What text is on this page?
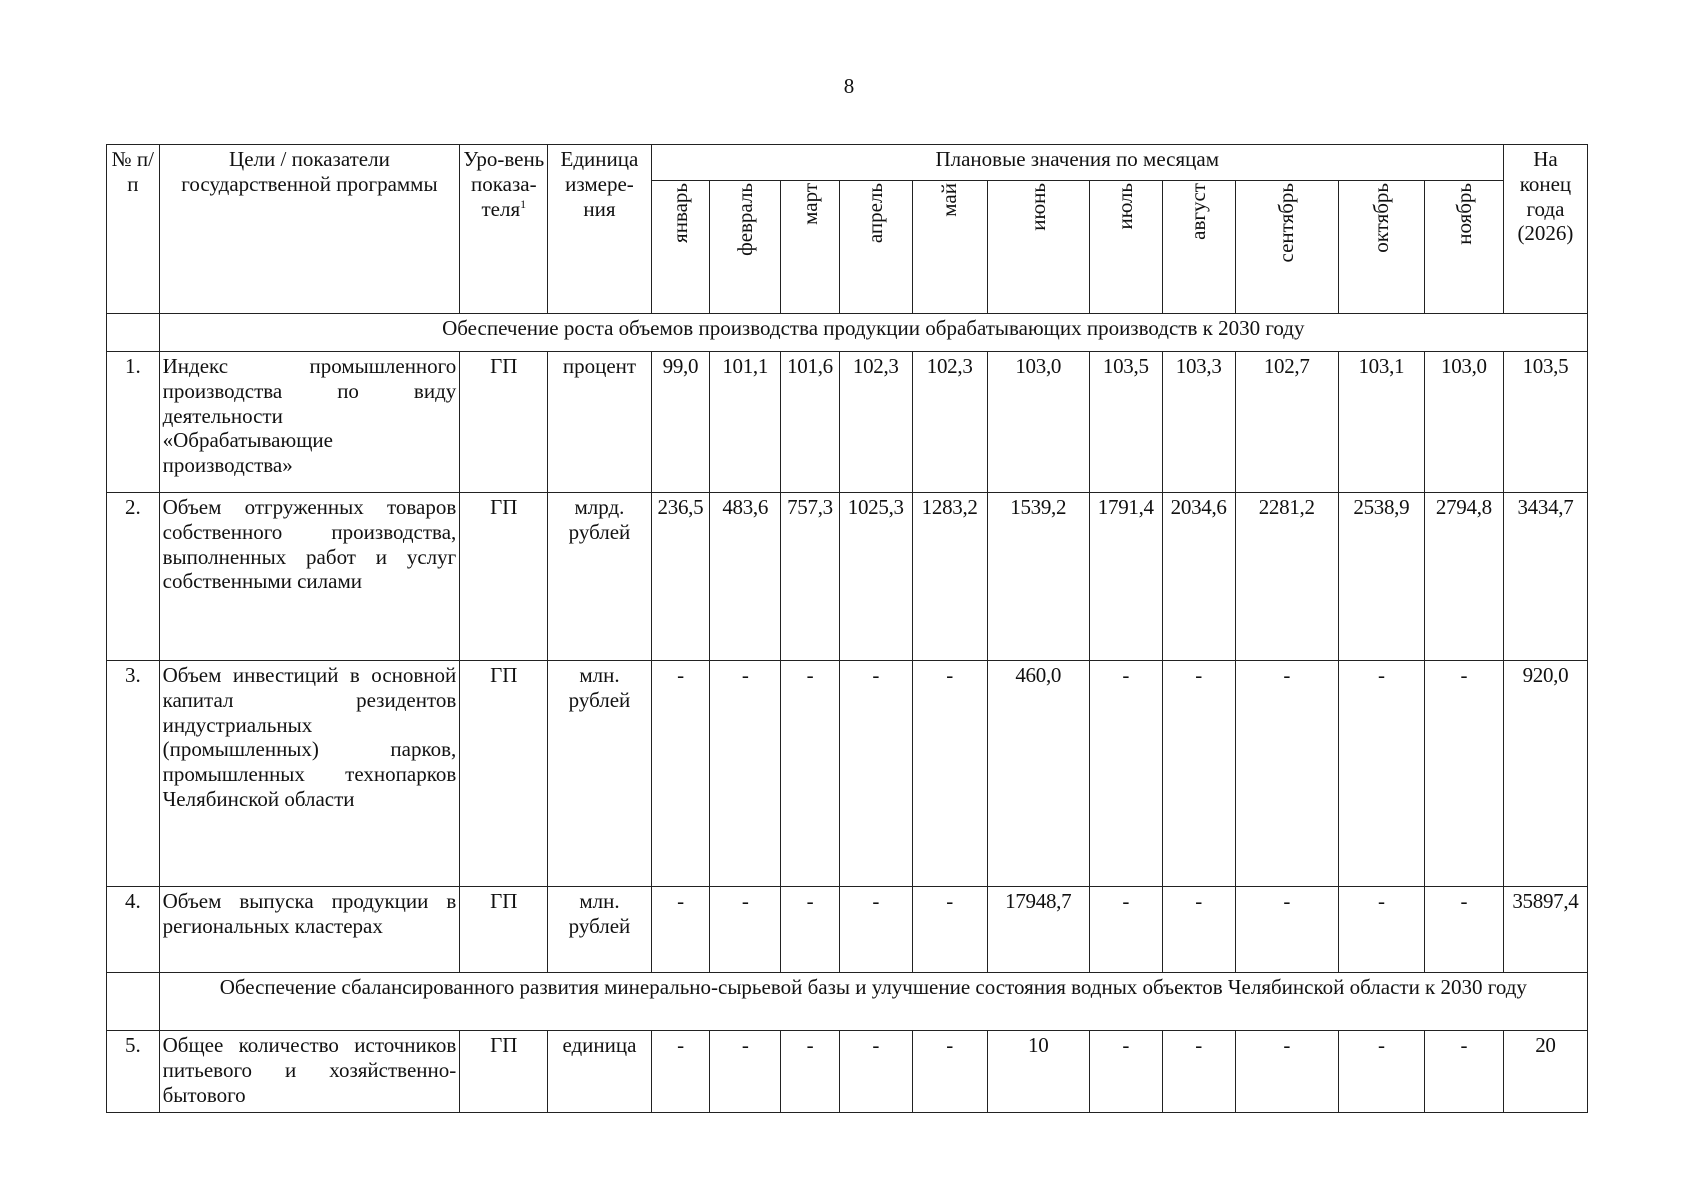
8
№ п/п	Цели / показатели государственной программы	Уро-вень показа-теля$^1$	Единица измере-ния	Плановые значения по месяцам											На конец года (2026)
				январь	февраль	март	апрель	май	июнь	июль	август	сентябрь	октябрь	ноябрь	
	Обеспечение роста объемов производства продукции обрабатывающих производств к 2030 году														
1.	Индекс промышленного производства по виду деятельности «Обрабатывающие производства»	ГП	процент	99,0	101,1	101,6	102,3	102,3	103,0	103,5	103,3	102,7	103,1	103,0	103,5
2.	Объем отгруженных товаров собственного производства, выполненных работ и услуг собственными силами	ГП	млрд. рублей	236,5	483,6	757,3	1025,3	1283,2	1539,2	1791,4	2034,6	2281,2	2538,9	2794,8	3434,7
3.	Объем инвестиций в основной капитал резидентов индустриальных (промышленных) парков, промышленных технопарков Челябинской области	ГП	млн. рублей	-	-	-	-	-	460,0	-	-	-	-	-	920,0
4.	Объем выпуска продукции в региональных кластерах	ГП	млн. рублей	-	-	-	-	-	17948,7	-	-	-	-	-	35897,4
	Обеспечение сбалансированного развития минерально-сырьевой базы и улучшение состояния водных объектов Челябинской области к 2030 году														
5.	Общее количество источников питьевого и хозяйственно-бытового	ГП	единица	-	-	-	-	-	10	-	-	-	-	-	20
